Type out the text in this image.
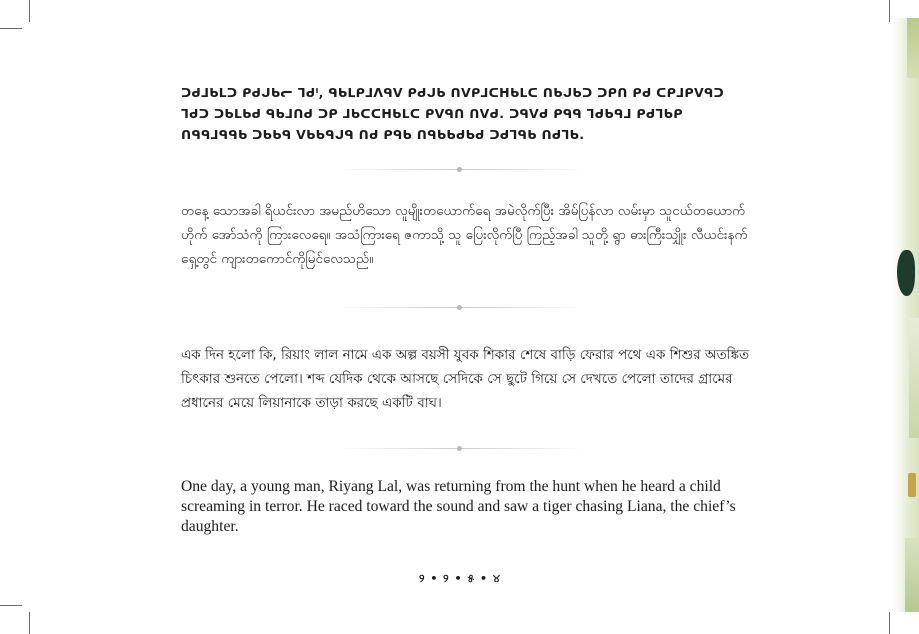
ᑐᑯᒧᑲᒪᑐ ᑭᑯᒍᑲᓕ ᒣᑯᑊ, ᑫᑲᒪᑭᒧᐱᑫᐯ ᑭᑯᒍᑲ ᑎᐯᑭᒧᑕᕼᑲᒪᑕ ᑎᑲᒍᑲᑐ ᑐᑭᑎ ᑭᑯ ᑕᑭᒧᑭᐯᑫᑐ ᒣᑯᑐ ᑐᑲᒪᑲᑯ ᑫᑲᒧᑎᑯ ᑐᑭ ᒧᑲᑕᑕᕼᑲᒪᑕ ᑭᐯᑫᑎ ᑎᐯᑯ. ᑐᑫᐯᑯ ᑭᑫᑫ ᒣᑯᑲᑫᒧ ᑭᑯᒣᑲᑭ ᑎᑫᑫᒧᑫᑫᑲ ᑐᑲᑲᑫ ᐯᑲᑲᑫᒍᑫ ᑎᑯ ᑭᑫᑲ ᑎᑫᑲᑲᑯᑲᑯ ᑐᑯᒣᑫᑲ ᑎᑯᒣᑲ.

တနေ့ သောအခါ ရိယင်းလာ အမည်ဟိသော လူမျိုးတယောက်ရေ အမဲလိုက်ပြီး အိမ်ပြန်လာ လမ်းမှာ သူငယ်တယောက် ဟိုက် အော်သံကို ကြားလေရေ။ အသံကြားရေ ဇကာသို့ သူ ပြေးလိုက်ပြီ ကြည့်အခါ သူတို့ ရွာ ဓားကြီးသျှိုး လီယင်းနက် ရှေ့တွင် ကျားတကောင်ကိုမြင်လေသည်။

এক দিন হলো কি, রিয়াং লাল নামে এক অল্প বয়সী যুবক শিকার শেষে বাড়ি ফেরার পথে এক শিশুর অতঙ্কিত চিৎকার শুনতে পেলো। শব্দ যেদিক থেকে আসছে সেদিকে সে ছুটে গিয়ে সে দেখতে পেলো তাদের গ্রামের প্রধানের মেয়ে লিয়ানাকে তাড়া করছে একটি বাঘ।

One day, a young man, Riyang Lal, was returning from the hunt when he heard a child screaming in terror. He raced toward the sound and saw a tiger chasing Liana, the chief’s daughter.

୨ • ୨ • ୫ • ୪
